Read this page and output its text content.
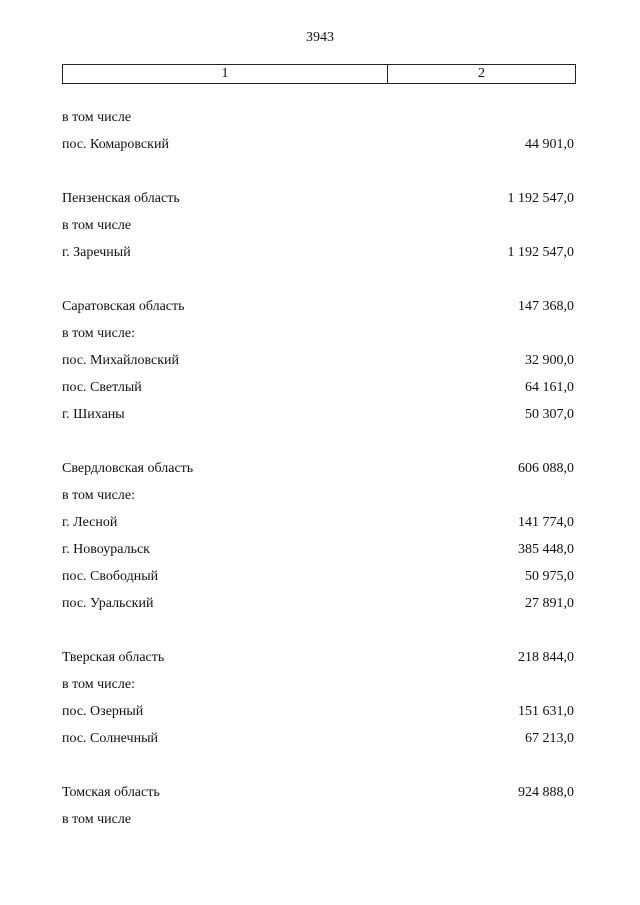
3943
1	2
в том числе
пос. Комаровский	44 901,0
Пензенская область	1 192 547,0
в том числе
г. Заречный	1 192 547,0
Саратовская область	147 368,0
в том числе:
пос. Михайловский	32 900,0
пос. Светлый	64 161,0
г. Шиханы	50 307,0
Свердловская область	606 088,0
в том числе:
г. Лесной	141 774,0
г. Новоуральск	385 448,0
пос. Свободный	50 975,0
пос. Уральский	27 891,0
Тверская область	218 844,0
в том числе:
пос. Озерный	151 631,0
пос. Солнечный	67 213,0
Томская область	924 888,0
в том числе
